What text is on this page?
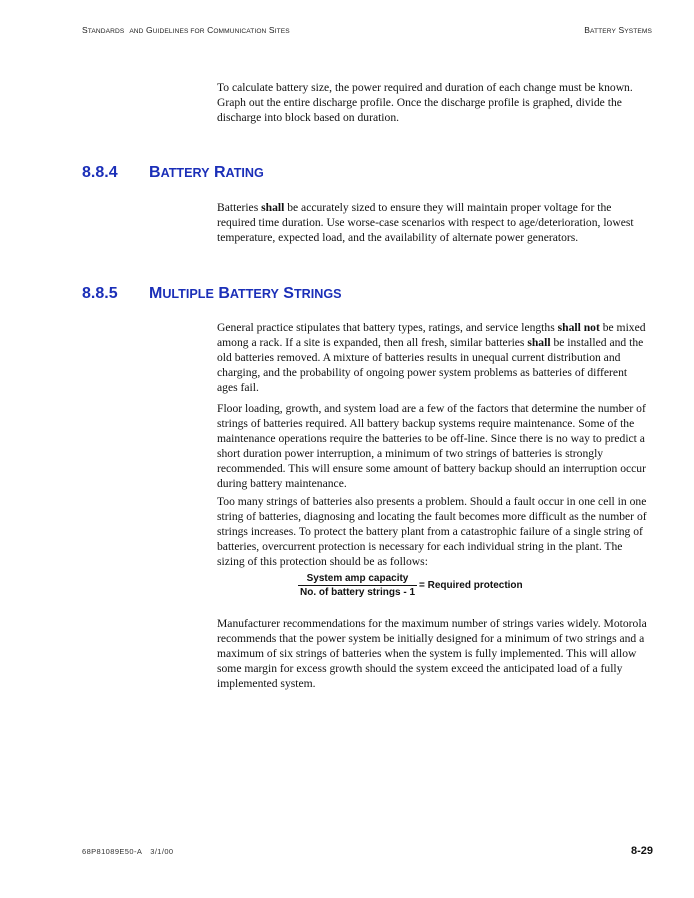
STANDARDS AND GUIDELINES FOR COMMUNICATION SITES	BATTERY SYSTEMS

To calculate battery size, the power required and duration of each change must be known. Graph out the entire discharge profile. Once the discharge profile is graphed, divide the discharge into block based on duration.

8.8.4 BATTERY RATING

Batteries shall be accurately sized to ensure they will maintain proper voltage for the required time duration. Use worse-case scenarios with respect to age/deterioration, lowest temperature, expected load, and the availability of alternate power generators.

8.8.5 MULTIPLE BATTERY STRINGS

General practice stipulates that battery types, ratings, and service lengths shall not be mixed among a rack. If a site is expanded, then all fresh, similar batteries shall be installed and the old batteries removed. A mixture of batteries results in unequal current distribution and charging, and the probability of ongoing power system problems as batteries of different ages fail.

Floor loading, growth, and system load are a few of the factors that determine the number of strings of batteries required. All battery backup systems require maintenance. Some of the maintenance operations require the batteries to be off-line. Since there is no way to predict a short duration power interruption, a minimum of two strings of batteries is strongly recommended. This will ensure some amount of battery backup should an interruption occur during battery maintenance.

Too many strings of batteries also presents a problem. Should a fault occur in one cell in one string of batteries, diagnosing and locating the fault becomes more difficult as the number of strings increases. To protect the battery plant from a catastrophic failure of a single string of batteries, overcurrent protection is necessary for each individual string in the plant. The sizing of this protection should be as follows:

$\frac{\text{System amp capacity}}{\text{No. of battery strings - 1}}$ = Required protection

Manufacturer recommendations for the maximum number of strings varies widely. Motorola recommends that the power system be initially designed for a minimum of two strings and a maximum of six strings of batteries when the system is fully implemented. This will allow some margin for excess growth should the system exceed the anticipated load of a fully implemented system.

68P81089E50-A 3/1/00	8-29
